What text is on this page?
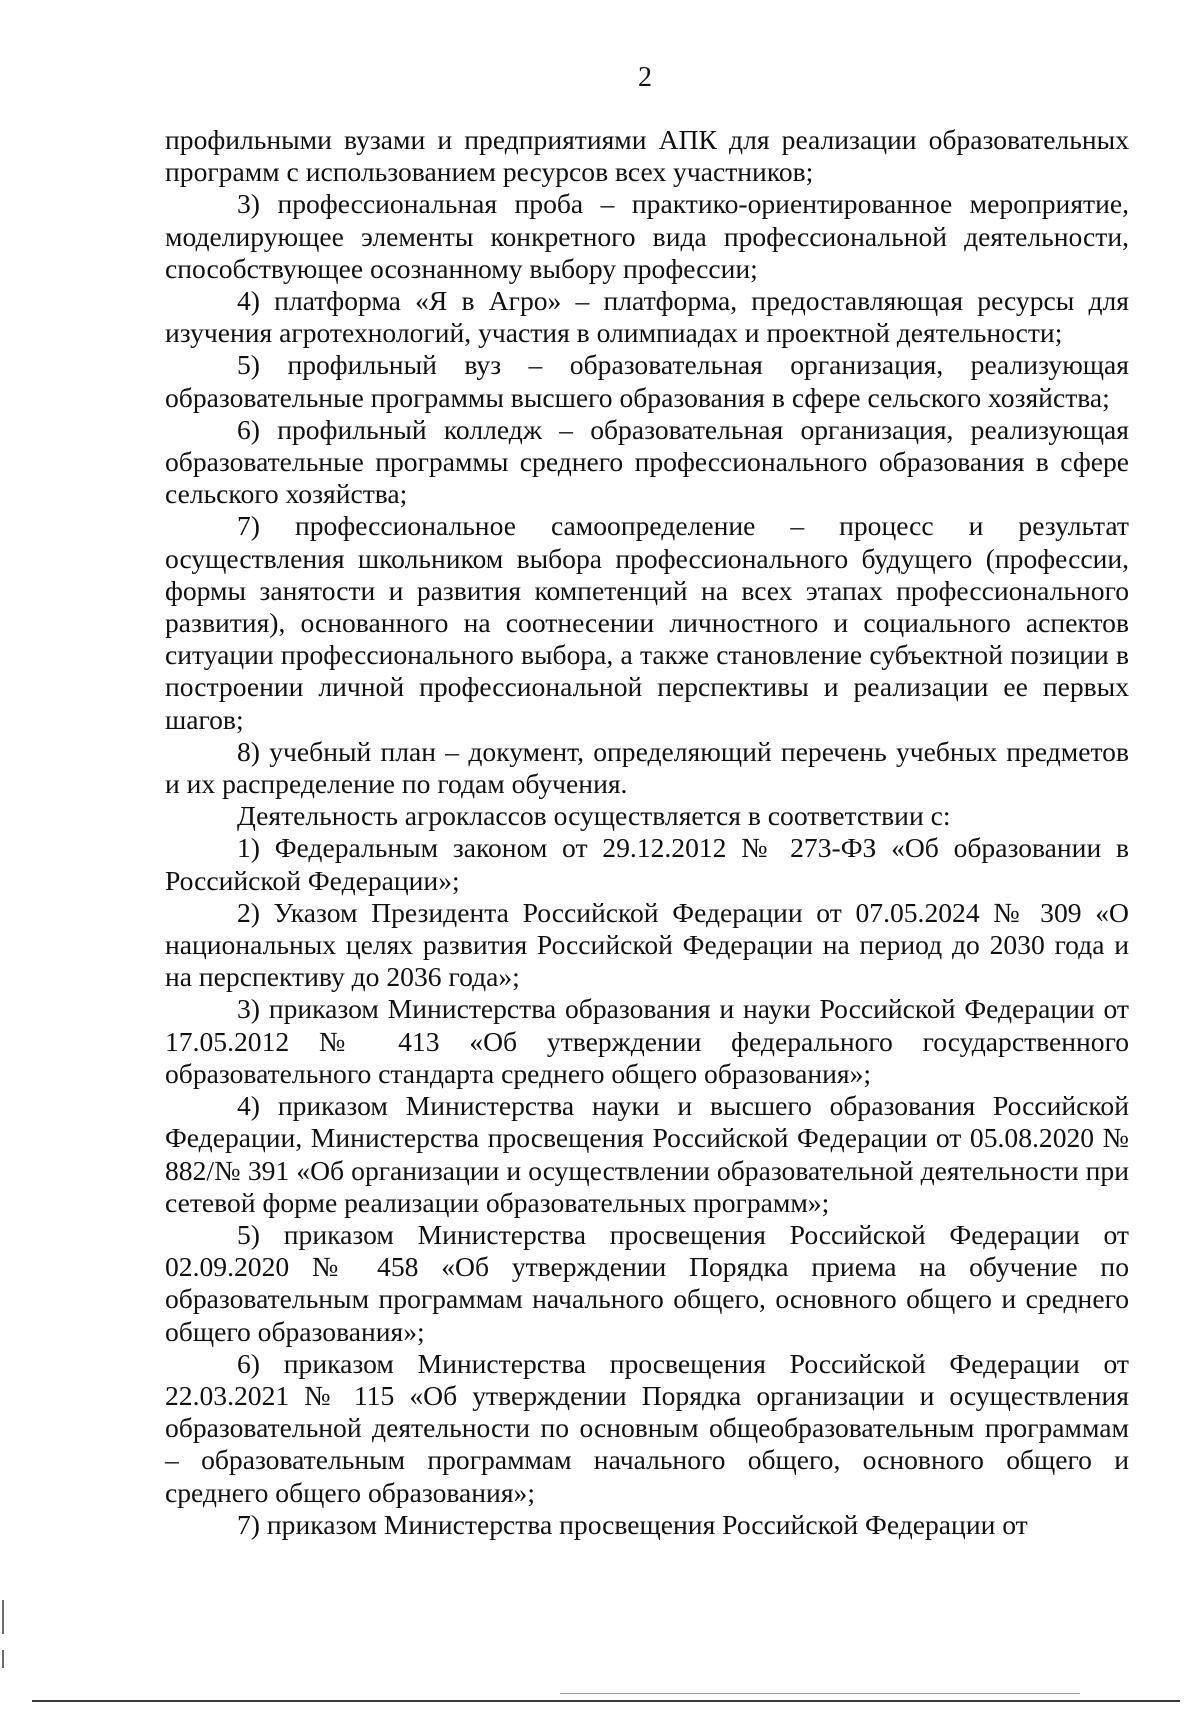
2

профильными вузами и предприятиями АПК для реализации образовательных программ с использованием ресурсов всех участников;

3) профессиональная проба – практико-ориентированное мероприятие, моделирующее элементы конкретного вида профессиональной деятельности, способствующее осознанному выбору профессии;

4) платформа «Я в Агро» – платформа, предоставляющая ресурсы для изучения агротехнологий, участия в олимпиадах и проектной деятельности;

5) профильный вуз – образовательная организация, реализующая образовательные программы высшего образования в сфере сельского хозяйства;

6) профильный колледж – образовательная организация, реализующая образовательные программы среднего профессионального образования в сфере сельского хозяйства;

7) профессиональное самоопределение – процесс и результат осуществления школьником выбора профессионального будущего (профессии, формы занятости и развития компетенций на всех этапах профессионального развития), основанного на соотнесении личностного и социального аспектов ситуации профессионального выбора, а также становление субъектной позиции в построении личной профессиональной перспективы и реализации ее первых шагов;

8) учебный план – документ, определяющий перечень учебных предметов и их распределение по годам обучения.

Деятельность агроклассов осуществляется в соответствии с:

1) Федеральным законом от 29.12.2012 № 273-ФЗ «Об образовании в Российской Федерации»;

2) Указом Президента Российской Федерации от 07.05.2024 № 309 «О национальных целях развития Российской Федерации на период до 2030 года и на перспективу до 2036 года»;

3) приказом Министерства образования и науки Российской Федерации от 17.05.2012 № 413 «Об утверждении федерального государственного образовательного стандарта среднего общего образования»;

4) приказом Министерства науки и высшего образования Российской Федерации, Министерства просвещения Российской Федерации от 05.08.2020 № 882/№ 391 «Об организации и осуществлении образовательной деятельности при сетевой форме реализации образовательных программ»;

5) приказом Министерства просвещения Российской Федерации от 02.09.2020 № 458 «Об утверждении Порядка приема на обучение по образовательным программам начального общего, основного общего и среднего общего образования»;

6) приказом Министерства просвещения Российской Федерации от 22.03.2021 № 115 «Об утверждении Порядка организации и осуществления образовательной деятельности по основным общеобразовательным программам – образовательным программам начального общего, основного общего и среднего общего образования»;

7) приказом Министерства просвещения Российской Федерации от
